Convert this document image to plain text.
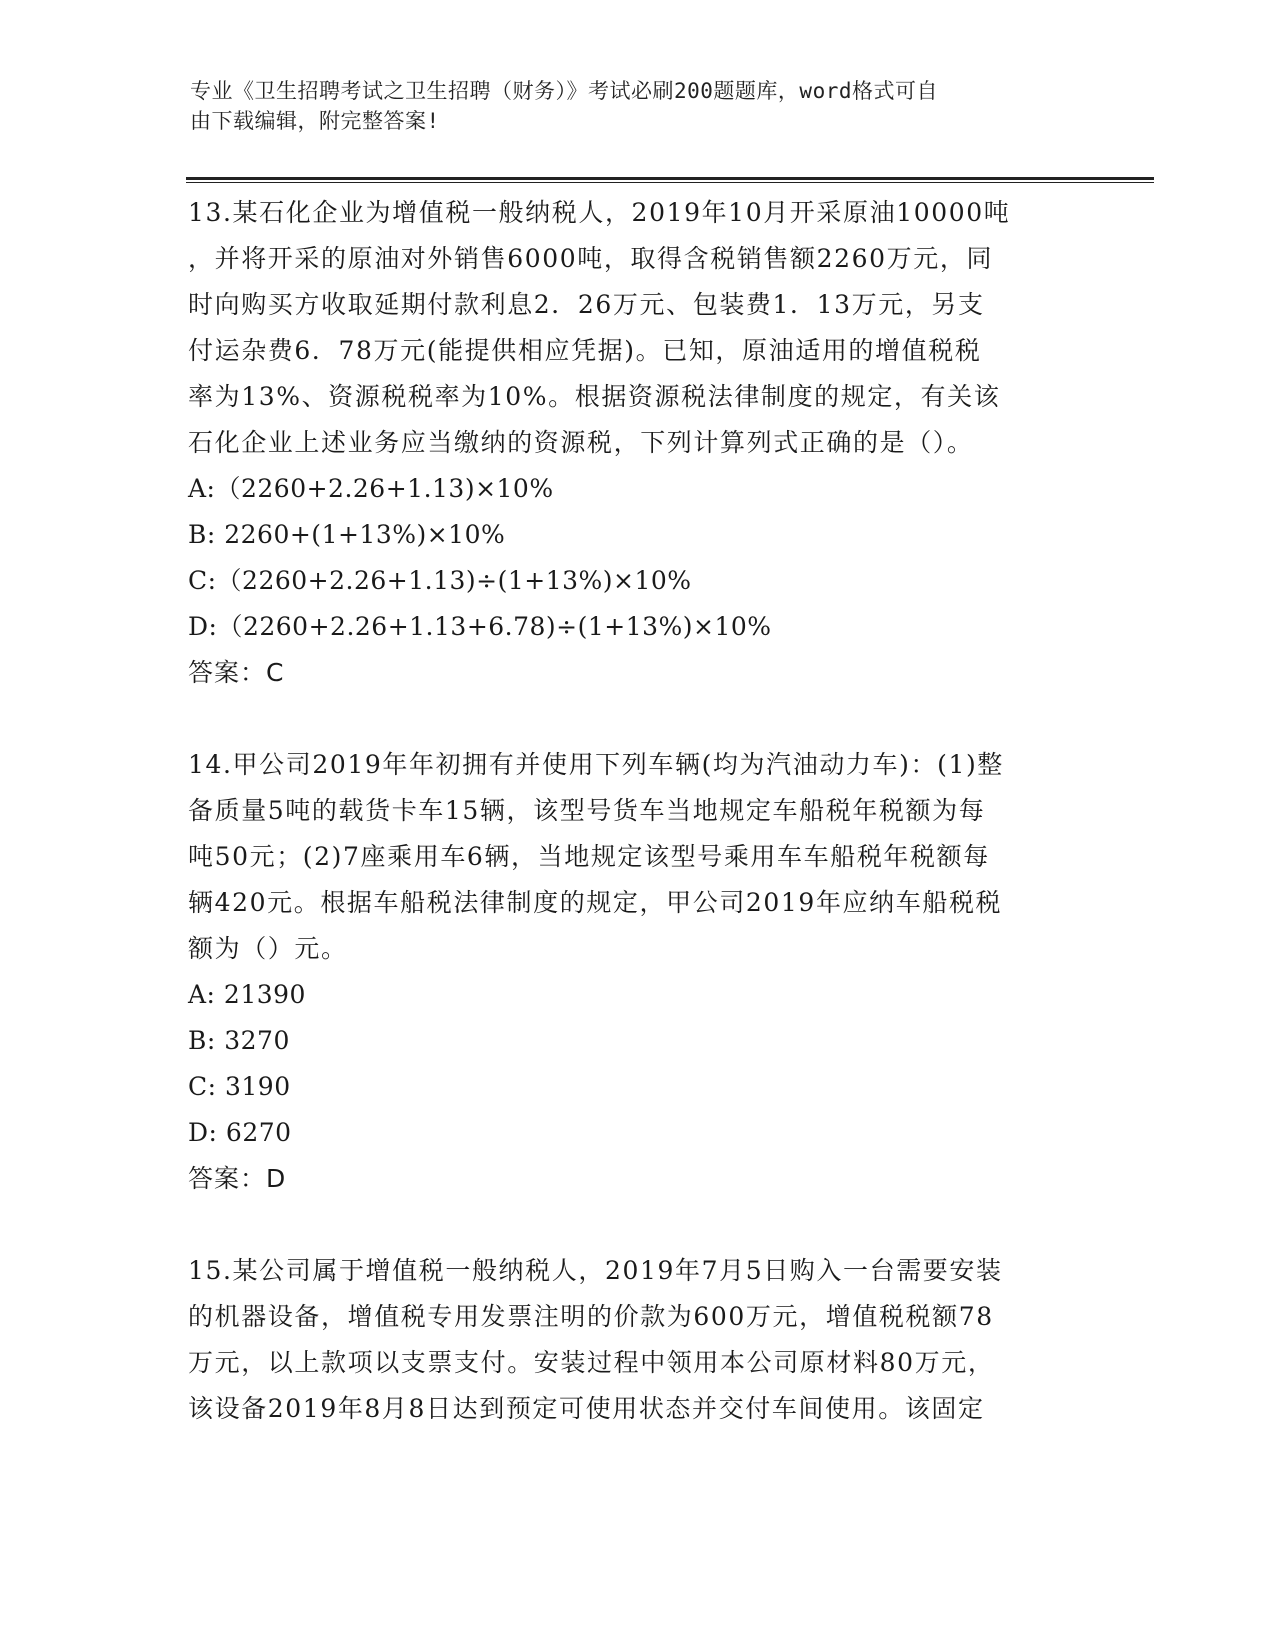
专业《卫生招聘考试之卫生招聘（财务）》考试必刷200题题库，word格式可自
由下载编辑，附完整答案!

13.某石化企业为增值税一般纳税人，2019年10月开采原油10000吨

，并将开采的原油对外销售6000吨，取得含税销售额2260万元，同

时向购买方收取延期付款利息2．26万元、包装费1．13万元，另支

付运杂费6．78万元(能提供相应凭据)。已知，原油适用的增值税税

率为13%、资源税税率为10%。根据资源税法律制度的规定，有关该

石化企业上述业务应当缴纳的资源税，下列计算列式正确的是（）。

A:（2260+2.26+1.13)×10%

B: 2260+(1+13%)×10%

C:（2260+2.26+1.13)÷(1+13%)×10%

D:（2260+2.26+1.13+6.78)÷(1+13%)×10%

答案：C

14.甲公司2019年年初拥有并使用下列车辆(均为汽油动力车)：(1)整

备质量5吨的载货卡车15辆，该型号货车当地规定车船税年税额为每

吨50元；(2)7座乘用车6辆，当地规定该型号乘用车车船税年税额每

辆420元。根据车船税法律制度的规定，甲公司2019年应纳车船税税

额为（）元。

A: 21390

B: 3270

C: 3190

D: 6270

答案：D

15.某公司属于增值税一般纳税人，2019年7月5日购入一台需要安装

的机器设备，增值税专用发票注明的价款为600万元，增值税税额78

万元，以上款项以支票支付。安装过程中领用本公司原材料80万元，

该设备2019年8月8日达到预定可使用状态并交付车间使用。该固定
